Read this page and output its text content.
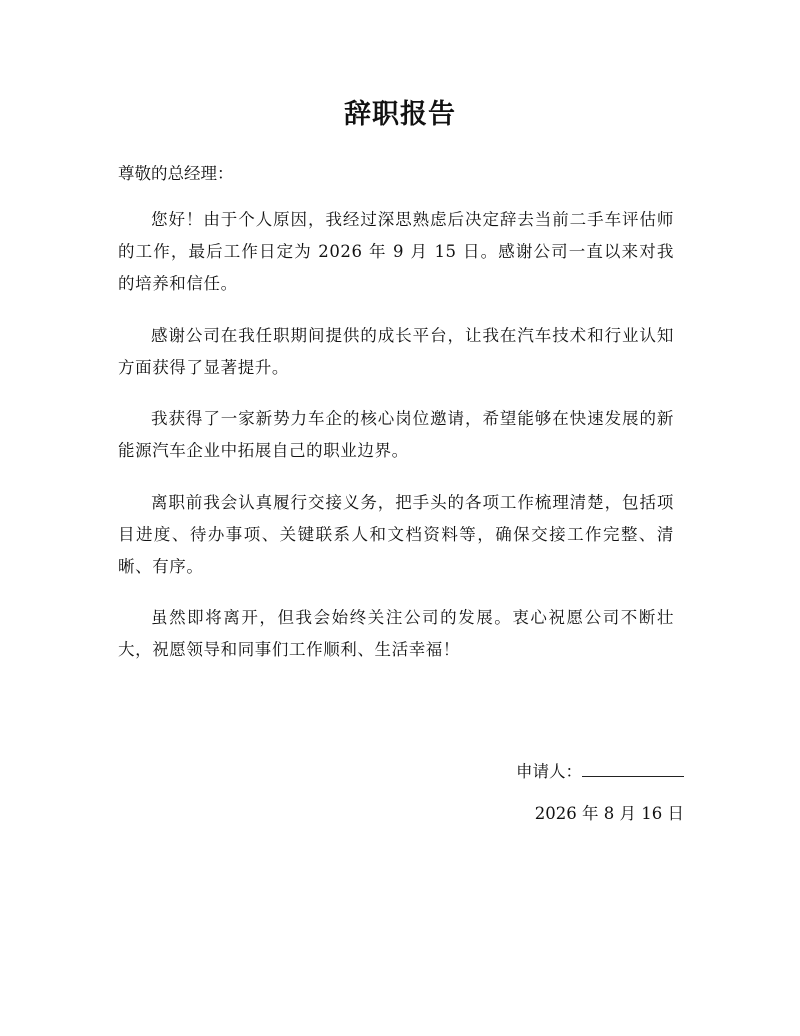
辞职报告

尊敬的总经理：

您好！由于个人原因，我经过深思熟虑后决定辞去当前二手车评估师的工作，最后工作日定为 2026 年 9 月 15 日。感谢公司一直以来对我的培养和信任。

感谢公司在我任职期间提供的成长平台，让我在汽车技术和行业认知方面获得了显著提升。

我获得了一家新势力车企的核心岗位邀请，希望能够在快速发展的新能源汽车企业中拓展自己的职业边界。

离职前我会认真履行交接义务，把手头的各项工作梳理清楚，包括项目进度、待办事项、关键联系人和文档资料等，确保交接工作完整、清晰、有序。

虽然即将离开，但我会始终关注公司的发展。衷心祝愿公司不断壮大，祝愿领导和同事们工作顺利、生活幸福！

申请人：

2026 年 8 月 16 日
